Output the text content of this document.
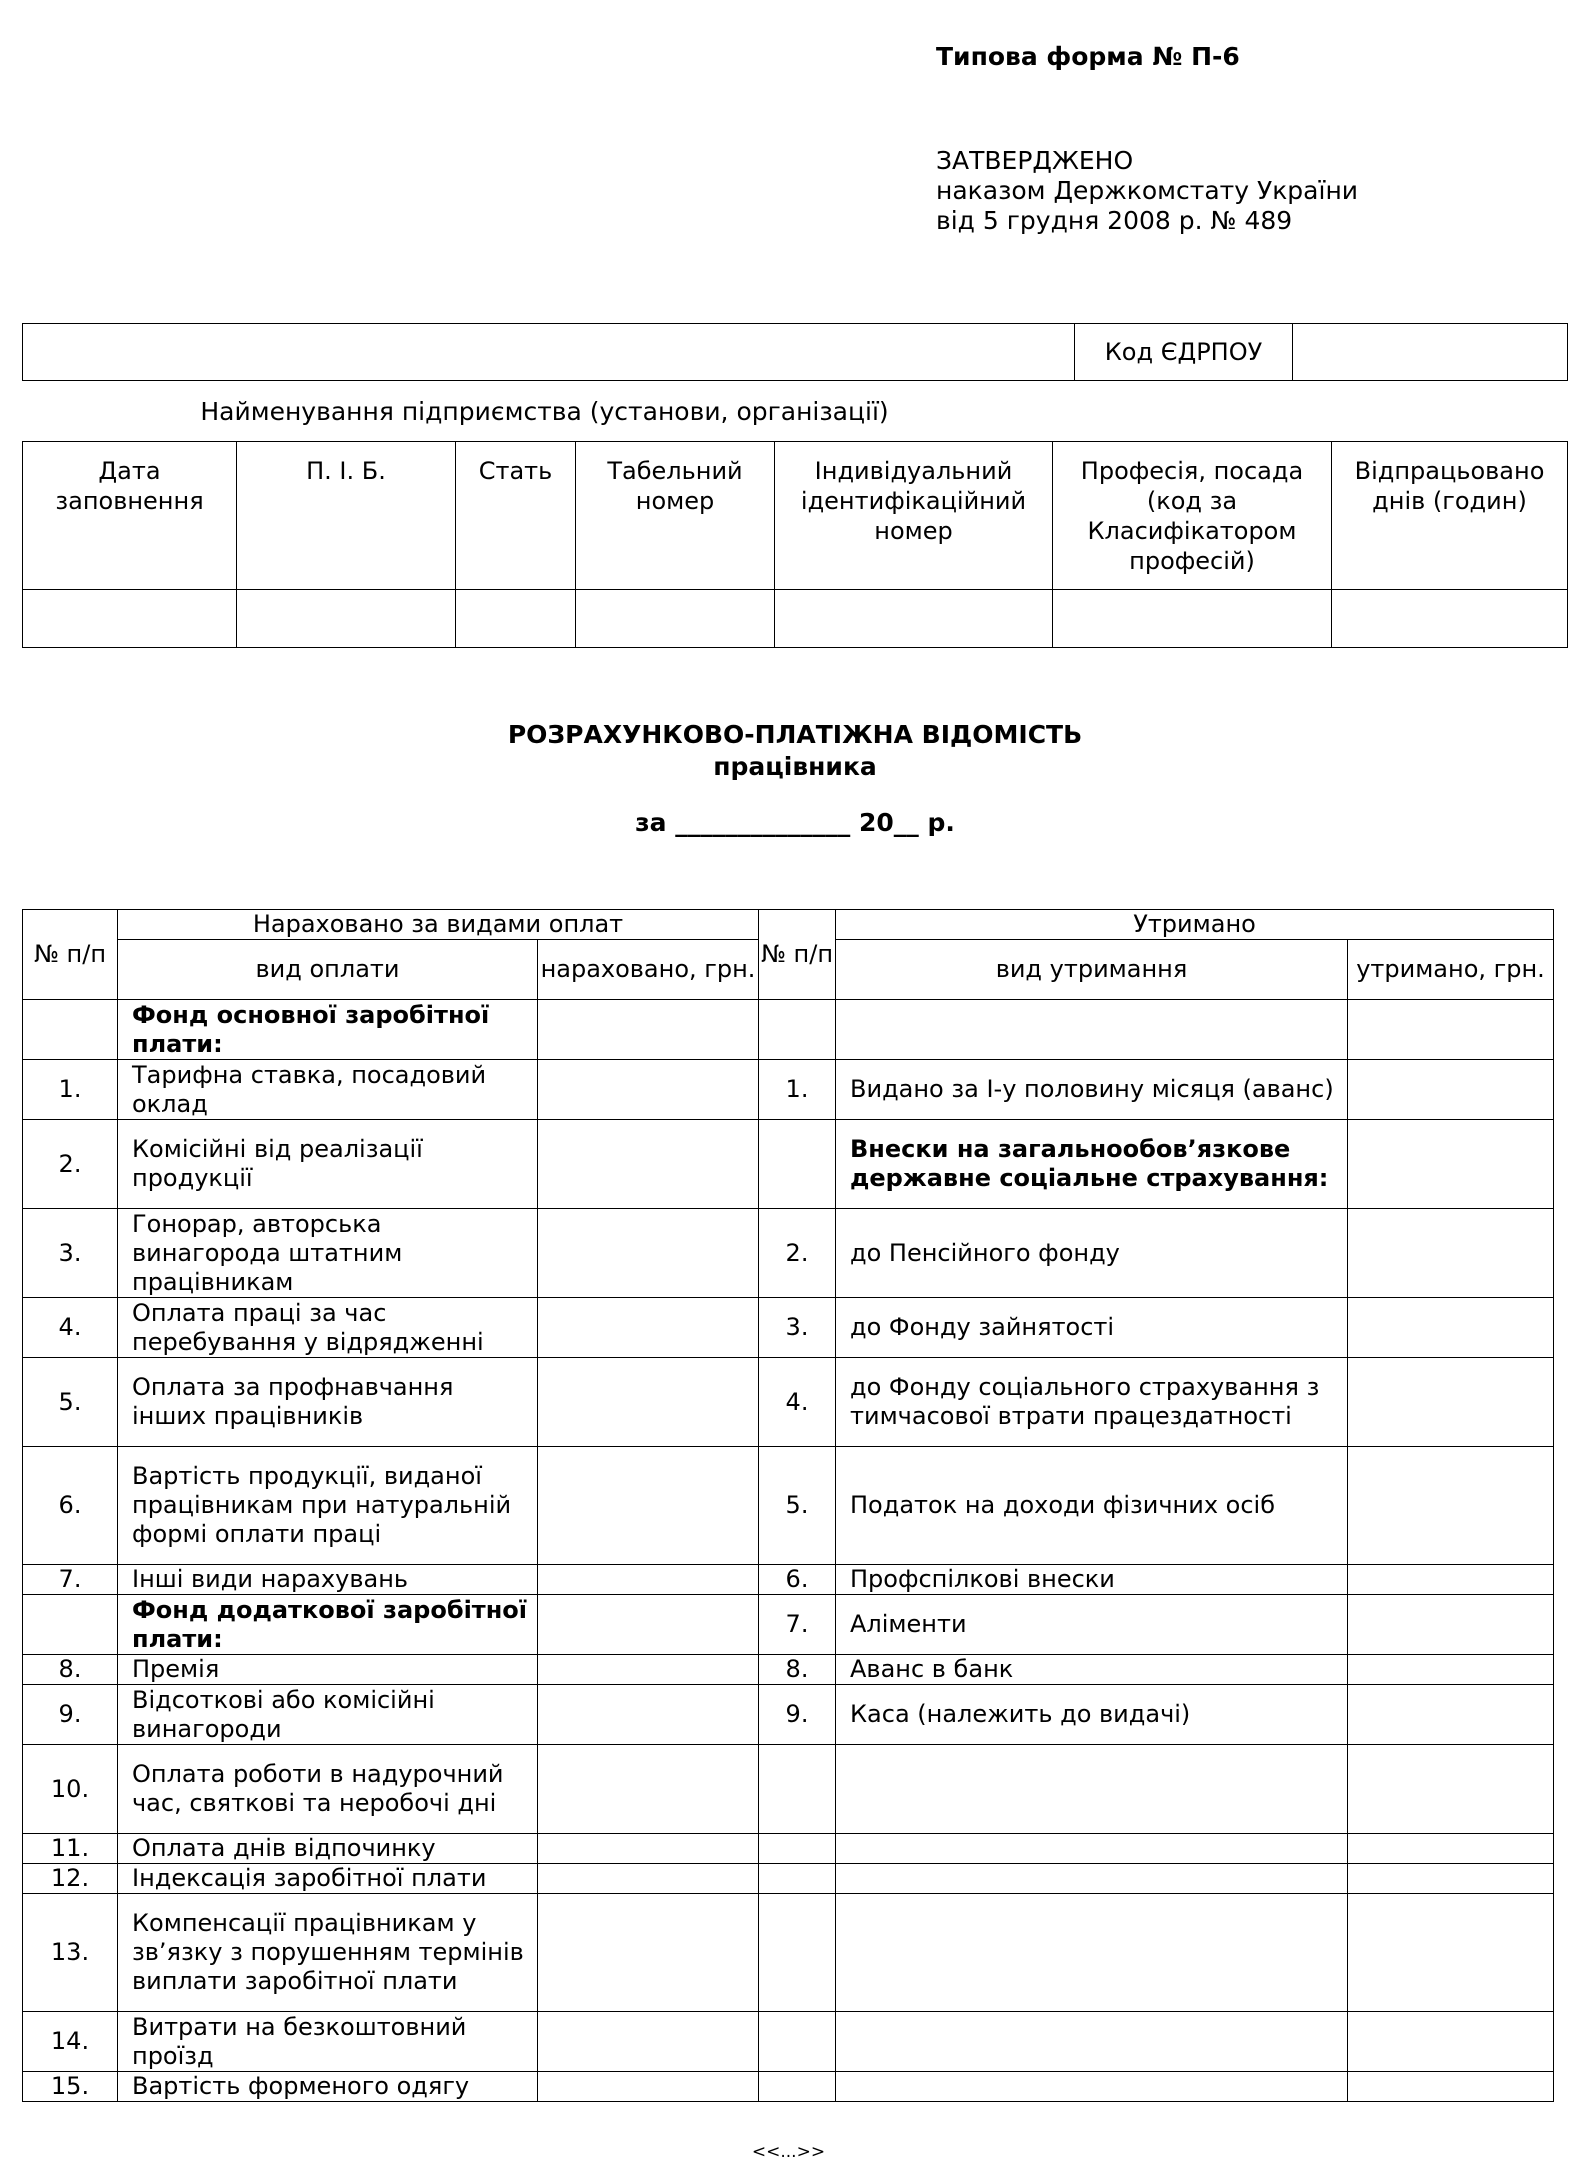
Типова форма № П-6
ЗАТВЕРДЖЕНО
наказом Держкомстату України
від 5 грудня 2008 р. № 489
	Код ЄДРПОУ	
Найменування підприємства (установи, організації)
Дата заповнення	П. І. Б.	Стать	Табельний номер	Індивідуальний ідентифікаційний номер	Професія, посада (код за Класифікатором професій)	Відпрацьовано днів (годин)

РОЗРАХУНКОВО-ПЛАТІЖНА ВІДОМІСТЬ
працівника
за ______________ 20__ р.
№ п/п	Нараховано за видами оплат		№ п/п	Утримано	
	вид оплати	нараховано, грн.		вид утримання	утримано, грн.
	Фонд основної заробітної плати:				
1.	Тарифна ставка, посадовий оклад		1.	Видано за І-у половину місяця (аванс)	
2.	Комісійні від реалізації продукції			Внески на загальнообов’язкове державне соціальне страхування:	
3.	Гонорар, авторська винагорода штатним працівникам		2.	до Пенсійного фонду	
4.	Оплата праці за час перебування у відрядженні		3.	до Фонду зайнятості	
5.	Оплата за профнавчання інших працівників		4.	до Фонду соціального страхування з тимчасової втрати працездатності	
6.	Вартість продукції, виданої працівникам при натуральній формі оплати праці		5.	Податок на доходи фізичних осіб	
7.	Інші види нарахувань		6.	Профспілкові внески	
	Фонд додаткової заробітної плати:		7.	Аліменти	
8.	Премія		8.	Аванс в банк	
9.	Відсоткові або комісійні винагороди		9.	Каса (належить до видачі)	
10.	Оплата роботи в надурочний час, святкові та неробочі дні				
11.	Оплата днів відпочинку				
12.	Індексація заробітної плати				
13.	Компенсації працівникам у зв’язку з порушенням термінів виплати заробітної плати				
14.	Витрати на безкоштовний проїзд				
15.	Вартість форменого одягу				
<<...>>
